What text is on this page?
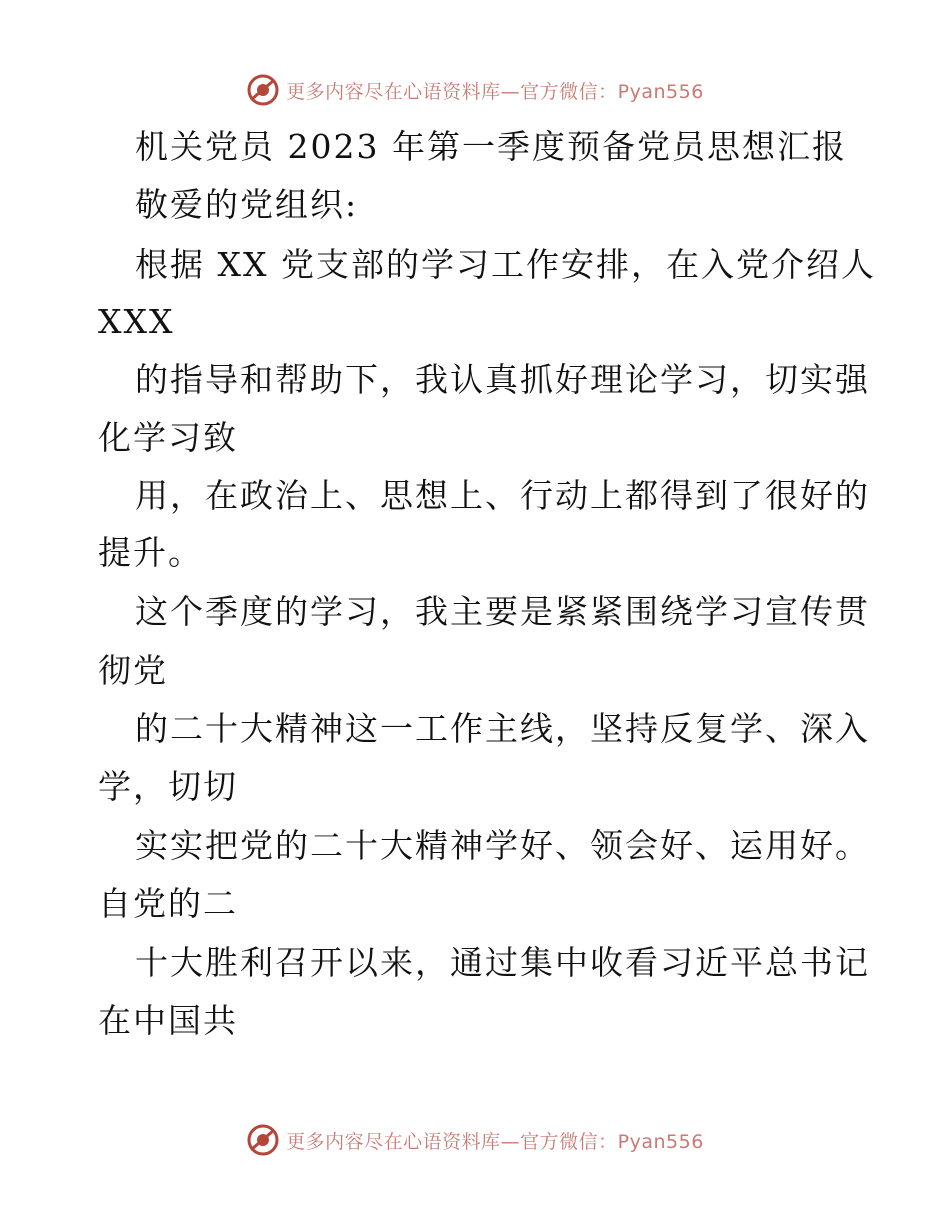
更多内容尽在心语资料库—官方微信：Pyan556
机关党员 2023 年第一季度预备党员思想汇报
敬爱的党组织:
根据 XX 党支部的学习工作安排，在入党介绍人
XXX
的指导和帮助下，我认真抓好理论学习，切实强
化学习致
用，在政治上、思想上、行动上都得到了很好的
提升。
这个季度的学习，我主要是紧紧围绕学习宣传贯
彻党
的二十大精神这一工作主线，坚持反复学、深入
学，切切
实实把党的二十大精神学好、领会好、运用好。
自党的二
十大胜利召开以来，通过集中收看习近平总书记
在中国共
更多内容尽在心语资料库—官方微信：Pyan556
